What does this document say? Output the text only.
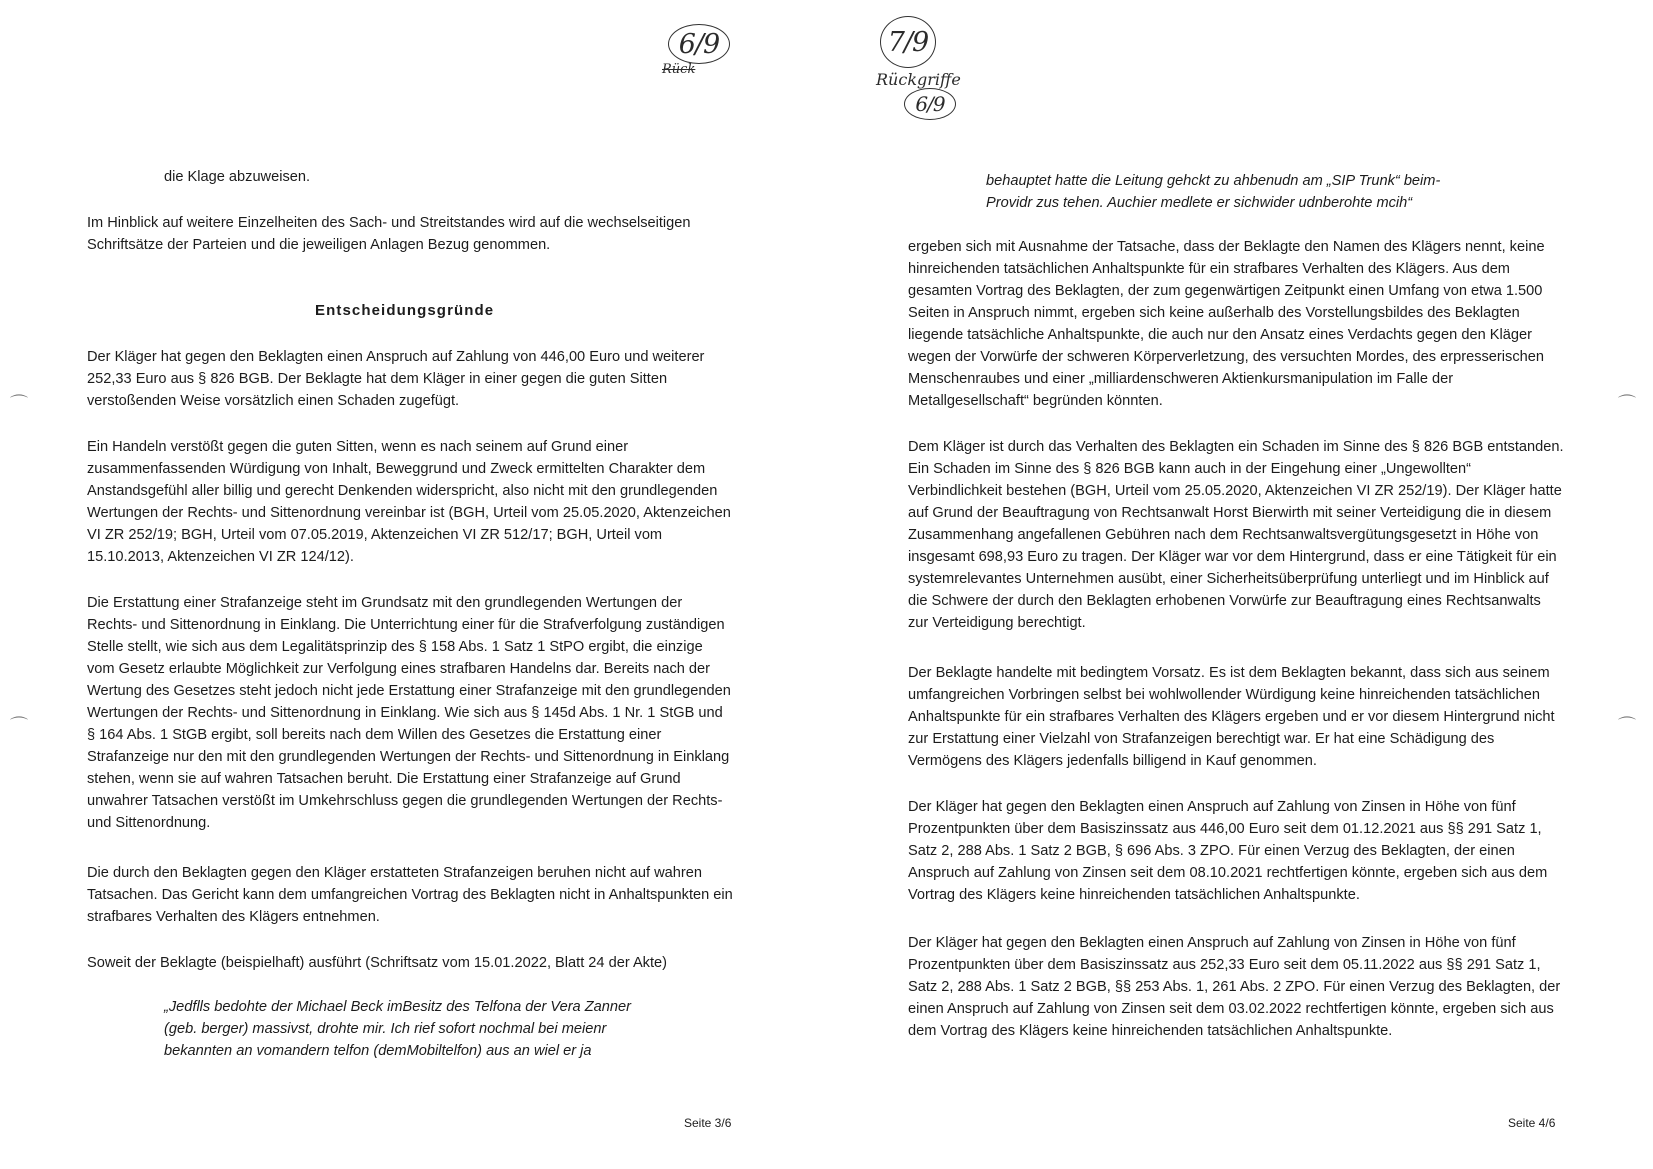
6/9
Rück

die Klage abzuweisen.

Im Hinblick auf weitere Einzelheiten des Sach- und Streitstandes wird auf die wechselseitigen Schriftsätze der Parteien und die jeweiligen Anlagen Bezug genommen.

Entscheidungsgründe

Der Kläger hat gegen den Beklagten einen Anspruch auf Zahlung von 446,00 Euro und weiterer 252,33 Euro aus § 826 BGB. Der Beklagte hat dem Kläger in einer gegen die guten Sitten verstoßenden Weise vorsätzlich einen Schaden zugefügt.

Ein Handeln verstößt gegen die guten Sitten, wenn es nach seinem auf Grund einer zusammenfassenden Würdigung von Inhalt, Beweggrund und Zweck ermittelten Charakter dem Anstandsgefühl aller billig und gerecht Denkenden widerspricht, also nicht mit den grundlegenden Wertungen der Rechts- und Sittenordnung vereinbar ist (BGH, Urteil vom 25.05.2020, Aktenzeichen VI ZR 252/19; BGH, Urteil vom 07.05.2019, Aktenzeichen VI ZR 512/17; BGH, Urteil vom 15.10.2013, Aktenzeichen VI ZR 124/12).

Die Erstattung einer Strafanzeige steht im Grundsatz mit den grundlegenden Wertungen der Rechts- und Sittenordnung in Einklang. Die Unterrichtung einer für die Strafverfolgung zuständigen Stelle stellt, wie sich aus dem Legalitätsprinzip des § 158 Abs. 1 Satz 1 StPO ergibt, die einzige vom Gesetz erlaubte Möglichkeit zur Verfolgung eines strafbaren Handelns dar. Bereits nach der Wertung des Gesetzes steht jedoch nicht jede Erstattung einer Strafanzeige mit den grundlegenden Wertungen der Rechts- und Sittenordnung in Einklang. Wie sich aus § 145d Abs. 1 Nr. 1 StGB und § 164 Abs. 1 StGB ergibt, soll bereits nach dem Willen des Gesetzes die Erstattung einer Strafanzeige nur den mit den grundlegenden Wertungen der Rechts- und Sittenordnung in Einklang stehen, wenn sie auf wahren Tatsachen beruht. Die Erstattung einer Strafanzeige auf Grund unwahrer Tatsachen verstößt im Umkehrschluss gegen die grundlegenden Wertungen der Rechts- und Sittenordnung.

Die durch den Beklagten gegen den Kläger erstatteten Strafanzeigen beruhen nicht auf wahren Tatsachen. Das Gericht kann dem umfangreichen Vortrag des Beklagten nicht in Anhaltspunkten ein strafbares Verhalten des Klägers entnehmen.

Soweit der Beklagte (beispielhaft) ausführt (Schriftsatz vom 15.01.2022, Blatt 24 der Akte)

„Jedflls bedohte der Michael Beck imBesitz des Telfona der Vera Zanner (geb. berger) massivst, drohte mir. Ich rief sofort nochmal bei meienr bekannten an vomandern telfon (demMobiltelfon) aus an wiel er ja
Seite 3/6
⌒
⌒
7/9
Rückgriffe
6/9
behauptet hatte die Leitung gehckt zu ahbenudn am „SIP Trunk“ beim-Providr zus tehen. Auchier medlete er sichwider udnberohte mcih“

ergeben sich mit Ausnahme der Tatsache, dass der Beklagte den Namen des Klägers nennt, keine hinreichenden tatsächlichen Anhaltspunkte für ein strafbares Verhalten des Klägers. Aus dem gesamten Vortrag des Beklagten, der zum gegenwärtigen Zeitpunkt einen Umfang von etwa 1.500 Seiten in Anspruch nimmt, ergeben sich keine außerhalb des Vorstellungsbildes des Beklagten liegende tatsächliche Anhaltspunkte, die auch nur den Ansatz eines Verdachts gegen den Kläger wegen der Vorwürfe der schweren Körperverletzung, des versuchten Mordes, des erpresserischen Menschenraubes und einer „milliardenschweren Aktienkursmanipulation im Falle der Metallgesellschaft“ begründen könnten.

Dem Kläger ist durch das Verhalten des Beklagten ein Schaden im Sinne des § 826 BGB entstanden. Ein Schaden im Sinne des § 826 BGB kann auch in der Eingehung einer „Ungewollten“ Verbindlichkeit bestehen (BGH, Urteil vom 25.05.2020, Aktenzeichen VI ZR 252/19). Der Kläger hatte auf Grund der Beauftragung von Rechtsanwalt Horst Bierwirth mit seiner Verteidigung die in diesem Zusammenhang angefallenen Gebühren nach dem Rechtsanwaltsvergütungsgesetzt in Höhe von insgesamt 698,93 Euro zu tragen. Der Kläger war vor dem Hintergrund, dass er eine Tätigkeit für ein systemrelevantes Unternehmen ausübt, einer Sicherheitsüberprüfung unterliegt und im Hinblick auf die Schwere der durch den Beklagten erhobenen Vorwürfe zur Beauftragung eines Rechtsanwalts zur Verteidigung berechtigt.

Der Beklagte handelte mit bedingtem Vorsatz. Es ist dem Beklagten bekannt, dass sich aus seinem umfangreichen Vorbringen selbst bei wohlwollender Würdigung keine hinreichenden tatsächlichen Anhaltspunkte für ein strafbares Verhalten des Klägers ergeben und er vor diesem Hintergrund nicht zur Erstattung einer Vielzahl von Strafanzeigen berechtigt war. Er hat eine Schädigung des Vermögens des Klägers jedenfalls billigend in Kauf genommen.

Der Kläger hat gegen den Beklagten einen Anspruch auf Zahlung von Zinsen in Höhe von fünf Prozentpunkten über dem Basiszinssatz aus 446,00 Euro seit dem 01.12.2021 aus §§ 291 Satz 1, Satz 2, 288 Abs. 1 Satz 2 BGB, § 696 Abs. 3 ZPO. Für einen Verzug des Beklagten, der einen Anspruch auf Zahlung von Zinsen seit dem 08.10.2021 rechtfertigen könnte, ergeben sich aus dem Vortrag des Klägers keine hinreichenden tatsächlichen Anhaltspunkte.

Der Kläger hat gegen den Beklagten einen Anspruch auf Zahlung von Zinsen in Höhe von fünf Prozentpunkten über dem Basiszinssatz aus 252,33 Euro seit dem 05.11.2022 aus §§ 291 Satz 1, Satz 2, 288 Abs. 1 Satz 2 BGB, §§ 253 Abs. 1, 261 Abs. 2 ZPO. Für einen Verzug des Beklagten, der einen Anspruch auf Zahlung von Zinsen seit dem 03.02.2022 rechtfertigen könnte, ergeben sich aus dem Vortrag des Klägers keine hinreichenden tatsächlichen Anhaltspunkte.

Seite 4/6
⌒
⌒
